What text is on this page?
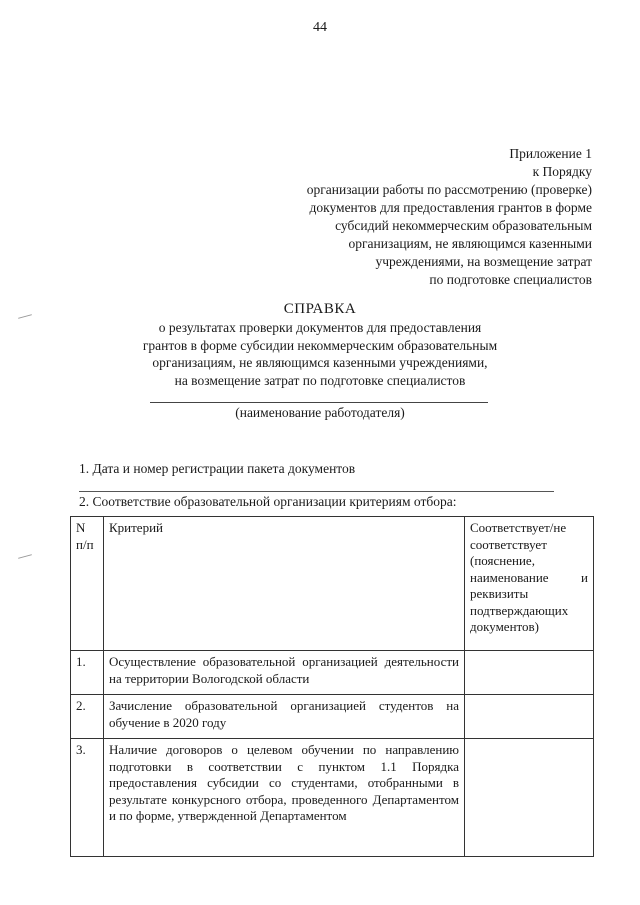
44
Приложение 1
к Порядку
организации работы по рассмотрению (проверке)
документов для предоставления грантов в форме
субсидий некоммерческим образовательным
организациям, не являющимся казенными
учреждениями, на возмещение затрат
по подготовке специалистов
СПРАВКА
о результатах проверки документов для предоставления
грантов в форме субсидии некоммерческим образовательным
организациям, не являющимся казенными учреждениями,
на возмещение затрат по подготовке специалистов
(наименование работодателя)
1. Дата и номер регистрации пакета документов
2. Соответствие образовательной организации критериям отбора:
N п/п	Критерий	Соответствует/не соответствует (пояснение, наименование и реквизиты подтверждающих документов)
1.	Осуществление образовательной организацией деятельности на территории Вологодской области	
2.	Зачисление образовательной организацией студентов на обучение в 2020 году	
3.	Наличие договоров о целевом обучении по направлению подготовки в соответствии с пунктом 1.1 Порядка предоставления субсидии со студентами, отобранными в результате конкурсного отбора, проведенного Департаментом и по форме, утвержденной Департаментом	
